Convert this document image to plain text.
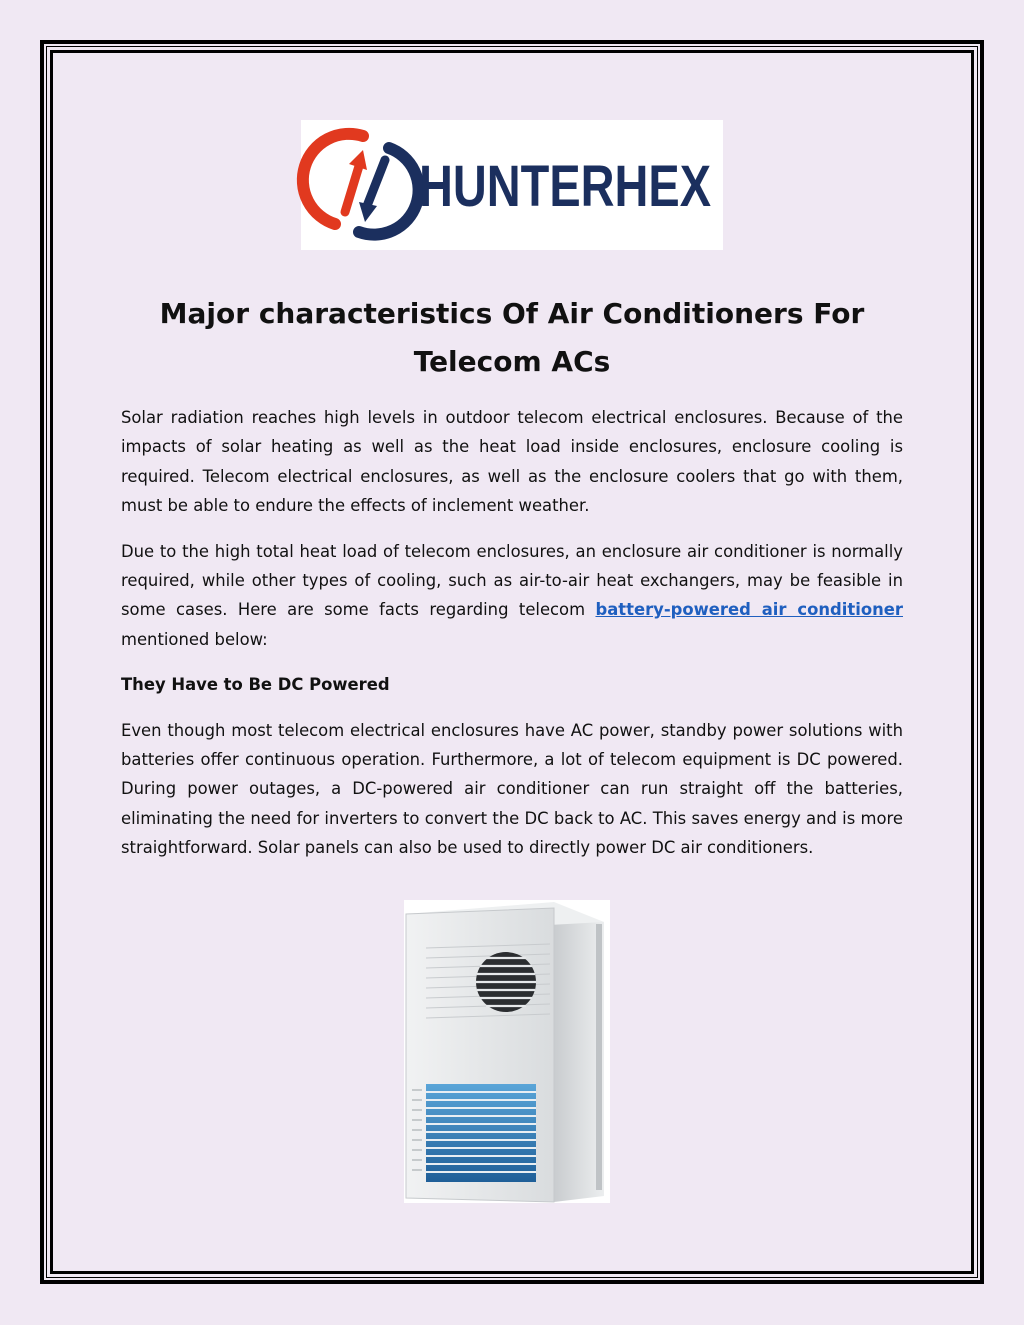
HUNTERHEX
Major characteristics Of Air Conditioners For
Telecom ACs

Solar radiation reaches high levels in outdoor telecom electrical enclosures. Because of the impacts of solar heating as well as the heat load inside enclosures, enclosure cooling is required. Telecom electrical enclosures, as well as the enclosure coolers that go with them, must be able to endure the effects of inclement weather.

Due to the high total heat load of telecom enclosures, an enclosure air conditioner is normally required, while other types of cooling, such as air-to-air heat exchangers, may be feasible in some cases. Here are some facts regarding telecom battery-powered air conditioner mentioned below:

They Have to Be DC Powered

Even though most telecom electrical enclosures have AC power, standby power solutions with batteries offer continuous operation. Furthermore, a lot of telecom equipment is DC powered. During power outages, a DC-powered air conditioner can run straight off the batteries, eliminating the need for inverters to convert the DC back to AC. This saves energy and is more straightforward. Solar panels can also be used to directly power DC air conditioners.
